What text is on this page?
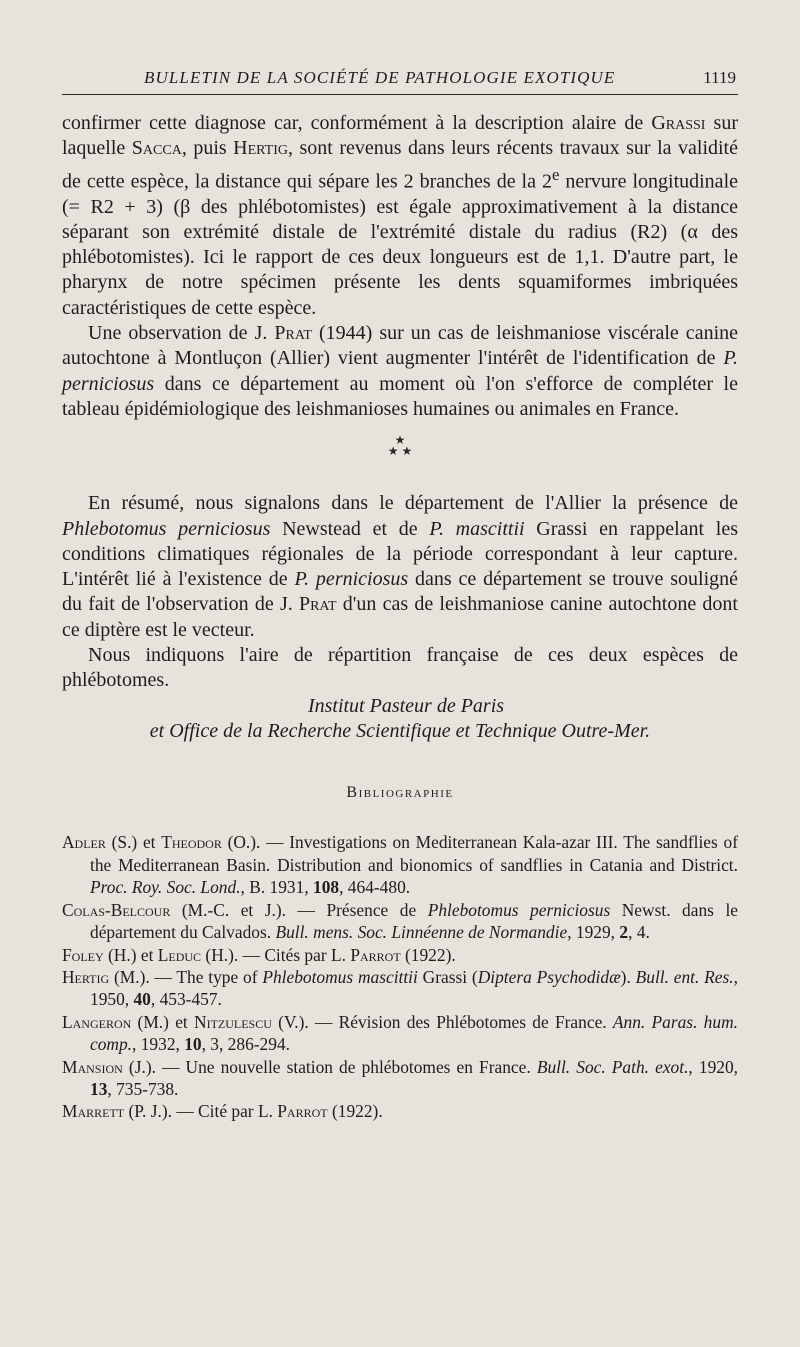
BULLETIN DE LA SOCIÉTÉ DE PATHOLOGIE EXOTIQUE	1119

confirmer cette diagnose car, conformément à la description alaire de Grassi sur laquelle Sacca, puis Hertig, sont revenus dans leurs récents travaux sur la validité de cette espèce, la distance qui sépare les 2 branches de la 2e nervure longitudinale (= R2 + 3) (β des phlébotomistes) est égale approximativement à la distance séparant son extrémité distale de l'extrémité distale du radius (R2) (α des phlébotomistes). Ici le rapport de ces deux longueurs est de 1,1. D'autre part, le pharynx de notre spécimen présente les dents squamiformes imbriquées caractéristiques de cette espèce.

Une observation de J. Prat (1944) sur un cas de leishmaniose viscérale canine autochtone à Montluçon (Allier) vient augmenter l'intérêt de l'identification de P. perniciosus dans ce département au moment où l'on s'efforce de compléter le tableau épidémiologique des leishmanioses humaines ou animales en France.

★
★ ★

En résumé, nous signalons dans le département de l'Allier la présence de Phlebotomus perniciosus Newstead et de P. mascittii Grassi en rappelant les conditions climatiques régionales de la période correspondant à leur capture. L'intérêt lié à l'existence de P. perniciosus dans ce département se trouve souligné du fait de l'observation de J. Prat d'un cas de leishmaniose canine autochtone dont ce diptère est le vecteur.

Nous indiquons l'aire de répartition française de ces deux espèces de phlébotomes.

Institut Pasteur de Paris
et Office de la Recherche Scientifique et Technique Outre-Mer.
Bibliographie

Adler (S.) et Theodor (O.). — Investigations on Mediterranean Kala-azar III. The sandflies of the Mediterranean Basin. Distribution and bionomics of sandflies in Catania and District. Proc. Roy. Soc. Lond., B. 1931, 108, 464-480.

Colas-Belcour (M.-C. et J.). — Présence de Phlebotomus perniciosus Newst. dans le département du Calvados. Bull. mens. Soc. Linnéenne de Normandie, 1929, 2, 4.

Foley (H.) et Leduc (H.). — Cités par L. Parrot (1922).

Hertig (M.). — The type of Phlebotomus mascittii Grassi (Diptera Psychodidæ). Bull. ent. Res., 1950, 40, 453-457.

Langeron (M.) et Nitzulescu (V.). — Révision des Phlébotomes de France. Ann. Paras. hum. comp., 1932, 10, 3, 286-294.

Mansion (J.). — Une nouvelle station de phlébotomes en France. Bull. Soc. Path. exot., 1920, 13, 735-738.

Marrett (P. J.). — Cité par L. Parrot (1922).
